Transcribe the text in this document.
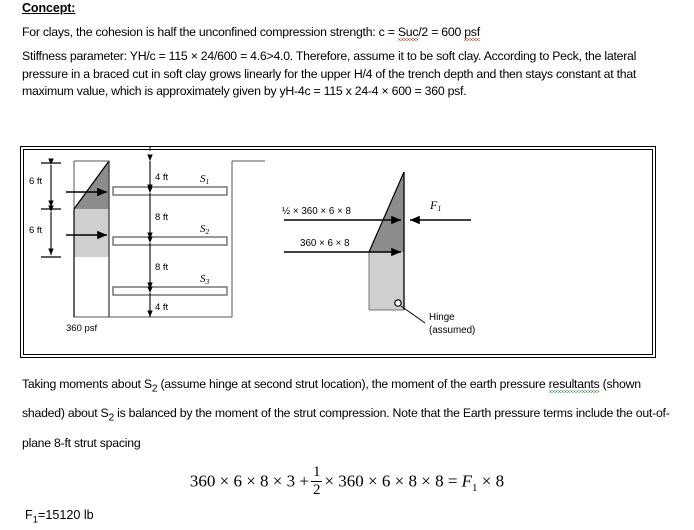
Concept:
For clays, the cohesion is half the unconfined compression strength: c = Suc/2 = 600 psf
Stiffness parameter: YH/c = 115 × 24/600 = 4.6>4.0. Therefore, assume it to be soft clay. According to Peck, the lateral pressure in a braced cut in soft clay grows linearly for the upper H/4 of the trench depth and then stays constant at that maximum value, which is approximately given by yH-4c = 115 x 24-4 × 600 = 360 psf.
6 ft
6 ft
360 psf
4 ft
8 ft
8 ft
4 ft
S1
S2
S3
½ × 360 × 6 × 8
360 × 6 × 8
F1
Hinge
(assumed)
Taking moments about $S_2$ (assume hinge at second strut location), the moment of the earth pressure resultants (shown shaded) about $S_2$ is balanced by the moment of the strut compression. Note that the Earth pressure terms include the out-of-plane 8-ft strut spacing
$360 \times 6 \times 8 \times 3 + \frac{1}{2} \times 360 \times 6 \times 8 \times 8 = F_1 \times 8$
$F_1=15120$ lb
